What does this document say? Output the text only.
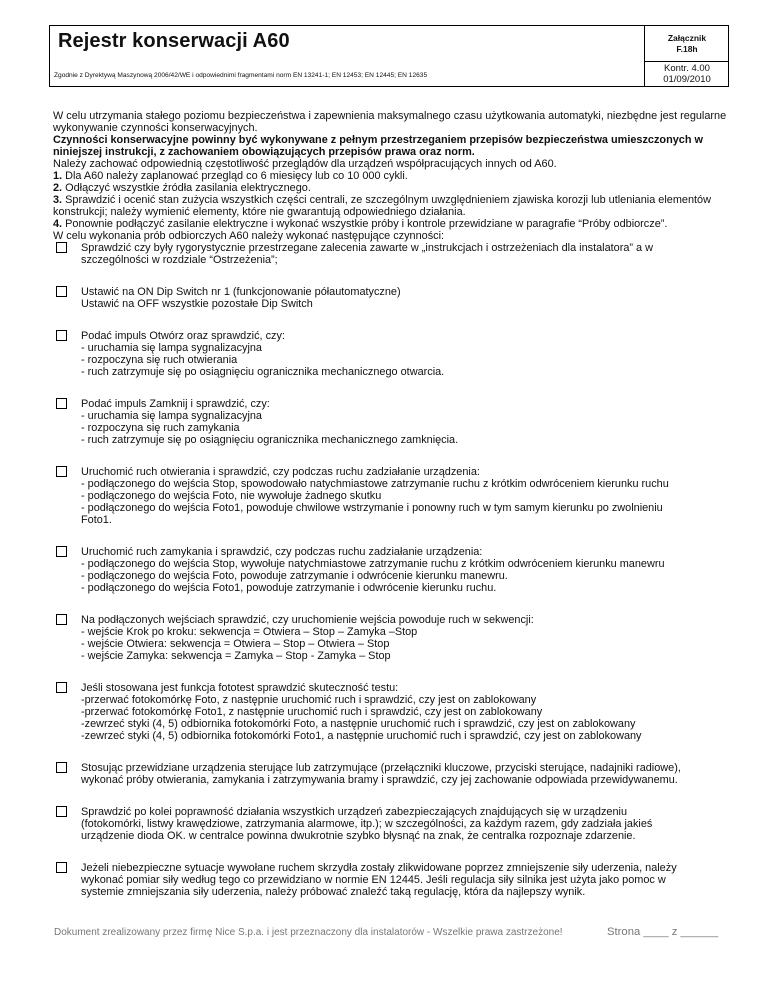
Rejestr konserwacji A60
Zgodnie z Dyrektywą Maszynową 2006/42/WE i odpowiednimi fragmentami norm EN 13241-1; EN 12453; EN 12445; EN 12635
Załącznik
F.18h
Kontr. 4.00
01/09/2010

W celu utrzymania stałego poziomu bezpieczeństwa i zapewnienia maksymalnego czasu użytkowania automatyki, niezbędne jest regularne wykonywanie czynności konserwacyjnych.

Czynności konserwacyjne powinny być wykonywane z pełnym przestrzeganiem przepisów bezpieczeństwa umieszczonych w niniejszej instrukcji, z zachowaniem obowiązujących przepisów prawa oraz norm.

Należy zachować odpowiednią częstotliwość przeglądów dla urządzeń współpracujących innych od A60.

1. Dla A60 należy zaplanować przegląd co 6 miesięcy lub co 10 000 cykli.

2. Odłączyć wszystkie źródła zasilania elektrycznego.

3. Sprawdzić i ocenić stan zużycia wszystkich części centrali, ze szczególnym uwzględnieniem zjawiska korozji lub utleniania elementów konstrukcji; należy wymienić elementy, które nie gwarantują odpowiedniego działania.

4. Ponownie podłączyć zasilanie elektryczne i wykonać wszystkie próby i kontrole przewidziane w paragrafie “Próby odbiorcze”.

W celu wykonania prób odbiorczych A60 należy wykonać następujące czynności:

Sprawdzić czy były rygorystycznie przestrzegane zalecenia zawarte w „instrukcjach i ostrzeżeniach dla instalatora” a w
szczególności w rozdziale “Ostrzeżenia”;
Ustawić na ON Dip Switch nr 1 (funkcjonowanie półautomatyczne)
Ustawić na OFF wszystkie pozostałe Dip Switch
Podać impuls Otwórz oraz sprawdzić, czy:
- uruchamia się lampa sygnalizacyjna
- rozpoczyna się ruch otwierania
- ruch zatrzymuje się po osiągnięciu ogranicznika mechanicznego otwarcia.
Podać impuls Zamknij i sprawdzić, czy:
- uruchamia się lampa sygnalizacyjna
- rozpoczyna się ruch zamykania
- ruch zatrzymuje się po osiągnięciu ogranicznika mechanicznego zamknięcia.
Uruchomić ruch otwierania i sprawdzić, czy podczas ruchu zadziałanie urządzenia:
- podłączonego do wejścia Stop, spowodowało natychmiastowe zatrzymanie ruchu z krótkim odwróceniem kierunku ruchu
- podłączonego do wejścia Foto, nie wywołuje żadnego skutku
- podłączonego do wejścia Foto1, powoduje chwilowe wstrzymanie i ponowny ruch w tym samym kierunku po zwolnieniu
Foto1.
Uruchomić ruch zamykania i sprawdzić, czy podczas ruchu zadziałanie urządzenia:
- podłączonego do wejścia Stop, wywołuje natychmiastowe zatrzymanie ruchu z krótkim odwróceniem kierunku manewru
- podłączonego do wejścia Foto, powoduje zatrzymanie i odwrócenie kierunku manewru.
- podłączonego do wejścia Foto1, powoduje zatrzymanie i odwrócenie kierunku ruchu.
Na podłączonych wejściach sprawdzić, czy uruchomienie wejścia powoduje ruch w sekwencji:
- wejście Krok po kroku: sekwencja = Otwiera – Stop – Zamyka –Stop
- wejście Otwiera: sekwencja = Otwiera – Stop – Otwiera – Stop
- wejście Zamyka: sekwencja = Zamyka – Stop - Zamyka – Stop
Jeśli stosowana jest funkcja fototest sprawdzić skuteczność testu:
-przerwać fotokomórkę Foto, z następnie uruchomić ruch i sprawdzić, czy jest on zablokowany
-przerwać fotokomórkę Foto1, z następnie uruchomić ruch i sprawdzić, czy jest on zablokowany
-zewrzeć styki (4, 5) odbiornika fotokomórki Foto, a następnie uruchomić ruch i sprawdzić, czy jest on zablokowany
-zewrzeć styki (4, 5) odbiornika fotokomórki Foto1, a następnie uruchomić ruch i sprawdzić, czy jest on zablokowany
Stosując przewidziane urządzenia sterujące lub zatrzymujące (przełączniki kluczowe, przyciski sterujące, nadajniki radiowe),
wykonać próby otwierania, zamykania i zatrzymywania bramy i sprawdzić, czy jej zachowanie odpowiada przewidywanemu.
Sprawdzić po kolei poprawność działania wszystkich urządzeń zabezpieczających znajdujących się w urządzeniu
(fotokomórki, listwy krawędziowe, zatrzymania alarmowe, itp.); w szczególności, za każdym razem, gdy zadziała jakieś
urządzenie dioda OK. w centralce powinna dwukrotnie szybko błysnąć na znak, że centralka rozpoznaje zdarzenie.
Jeżeli niebezpieczne sytuacje wywołane ruchem skrzydła zostały zlikwidowane poprzez zmniejszenie siły uderzenia, należy
wykonać pomiar siły według tego co przewidziano w normie EN 12445. Jeśli regulacja siły silnika jest użyta jako pomoc w
systemie zmniejszania siły uderzenia, należy próbować znaleźć taką regulację, która da najlepszy wynik.
Dokument zrealizowany przez firmę Nice S.p.a. i jest przeznaczony dla instalatorów - Wszelkie prawa zastrzeżone!	Strona ____ z ______
